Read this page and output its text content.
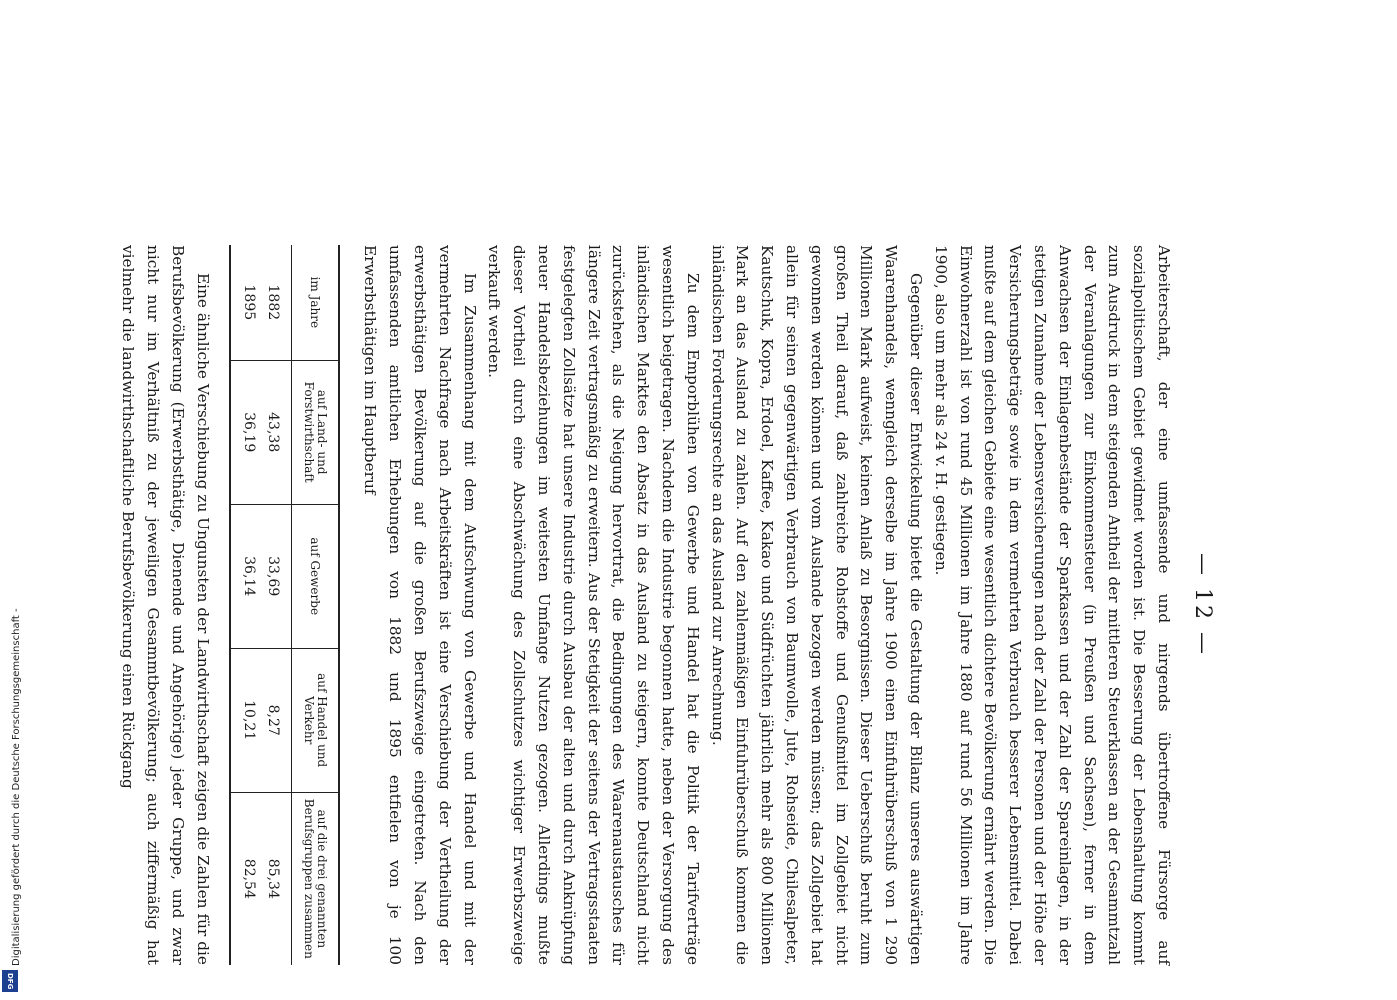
Digitalisierung gefördert durch die Deutsche Forschungsgemeinschaft -
DFG
— 12 —

Arbeiterschaft, der eine umfassende und nirgends übertroffene Fürsorge auf sozialpolitischem Gebiet gewidmet worden ist. Die Besserung der Lebenshaltung kommt zum Ausdruck in dem steigenden Antheil der mittleren Steuerklassen an der Gesammtzahl der Veranlagungen zur Einkommensteuer (in Preußen und Sachsen), ferner in dem Anwachsen der Einlagenbestände der Sparkassen und der Zahl der Spareinlagen, in der stetigen Zunahme der Lebensversicherungen nach der Zahl der Personen und der Höhe der Versicherungsbeträge sowie in dem vermehrten Verbrauch besserer Lebensmittel. Dabei mußte auf dem gleichen Gebiete eine wesentlich dichtere Bevölkerung ernährt werden. Die Einwohnerzahl ist von rund 45 Millionen im Jahre 1880 auf rund 56 Millionen im Jahre 1900, also um mehr als 24 v. H. gestiegen.

Gegenüber dieser Entwickelung bietet die Gestaltung der Bilanz unseres auswärtigen Waarenhandels, wenngleich derselbe im Jahre 1900 einen Einfuhrüberschuß von 1 290 Millionen Mark aufweist, keinen Anlaß zu Besorgnissen. Dieser Ueberschuß beruht zum großen Theil darauf, daß zahlreiche Rohstoffe und Genußmittel im Zollgebiet nicht gewonnen werden können und vom Auslande bezogen werden müssen; das Zollgebiet hat allein für seinen gegenwärtigen Verbrauch von Baumwolle, Jute, Rohseide, Chilesalpeter, Kautschuk, Kopra, Erdoel, Kaffee, Kakao und Südfrüchten jährlich mehr als 800 Millionen Mark an das Ausland zu zahlen. Auf den zahlenmäßigen Einfuhrüberschuß kommen die inländischen Forderungsrechte an das Ausland zur Anrechnung.

Zu dem Emporblühen von Gewerbe und Handel hat die Politik der Tarifverträge wesentlich beigetragen. Nachdem die Industrie begonnen hatte, neben der Versorgung des inländischen Marktes den Absatz in das Ausland zu steigern, konnte Deutschland nicht zurückstehen, als die Neigung hervortrat, die Bedingungen des Waarenaustausches für längere Zeit vertragsmäßig zu erweitern. Aus der Stetigkeit der seitens der Vertragsstaaten festgelegten Zollsätze hat unsere Industrie durch Ausbau der alten und durch Anknüpfung neuer Handelsbeziehungen im weitesten Umfange Nutzen gezogen. Allerdings mußte dieser Vortheil durch eine Abschwächung des Zollschutzes wichtiger Erwerbszweige verkauft werden.

Im Zusammenhang mit dem Aufschwung von Gewerbe und Handel und mit der vermehrten Nachfrage nach Arbeitskräften ist eine Verschiebung der Vertheilung der erwerbsthätigen Bevölkerung auf die großen Berufszweige eingetreten. Nach den umfassenden amtlichen Erhebungen von 1882 und 1895 entfielen von je 100 Erwerbsthätigen im Hauptberuf

im Jahre	auf Land- und Forstwirthschaft	auf Gewerbe	auf Handel und Verkehr	auf die drei genannten Berufsgruppen zusammen
1882	43,38	33,69	8,27	85,34
1895	36,19	36,14	10,21	82,54

Eine ähnliche Verschiebung zu Ungunsten der Landwirthschaft zeigen die Zahlen für die Berufsbevölkerung (Erwerbsthätige, Dienende und Angehörige) jeder Gruppe, und zwar nicht nur im Verhältniß zu der jeweiligen Gesammtbevölkerung; auch ziffermäßig hat vielmehr die landwirthschaftliche Berufsbevölkerung einen Rückgang
